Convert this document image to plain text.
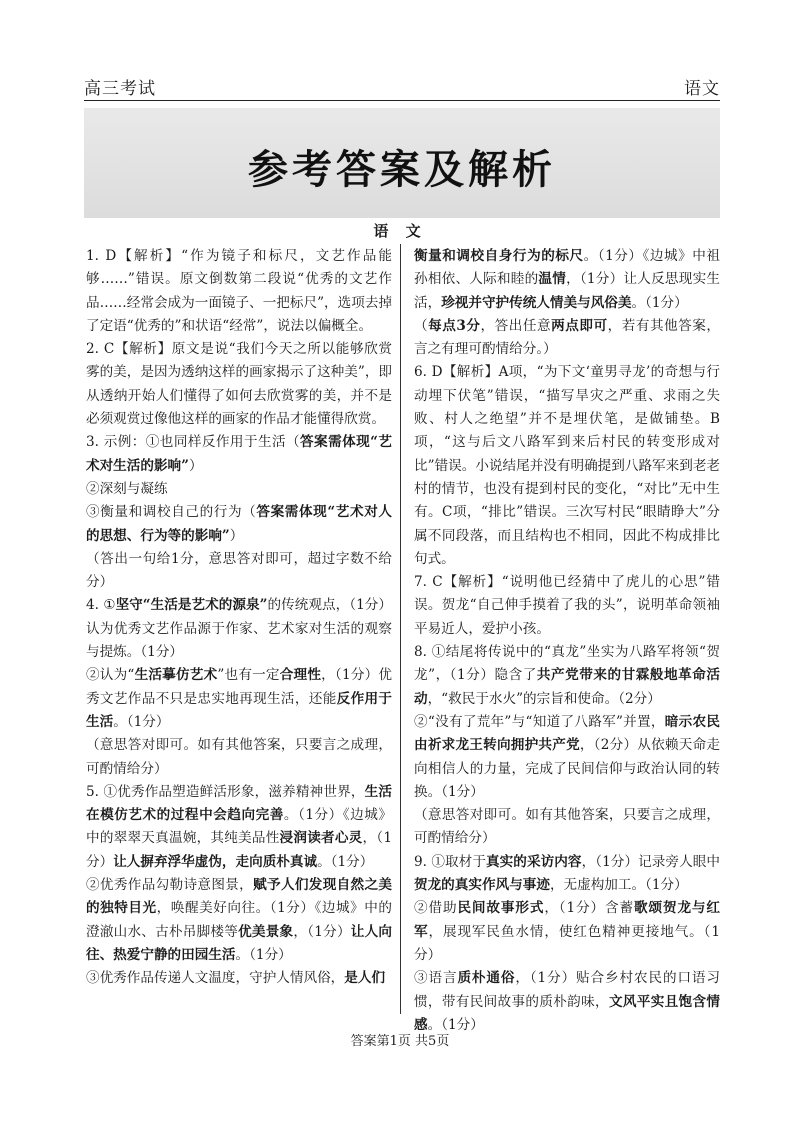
高三考试	语文
参考答案及解析
语 文

1. D【解析】“作为镜子和标尺，文艺作品能够……”错误。原文倒数第二段说“优秀的文艺作品……经常会成为一面镜子、一把标尺”，选项去掉了定语“优秀的”和状语“经常”，说法以偏概全。

2. C【解析】原文是说“我们今天之所以能够欣赏雾的美，是因为透纳这样的画家揭示了这种美”，即从透纳开始人们懂得了如何去欣赏雾的美，并不是必须观赏过像他这样的画家的作品才能懂得欣赏。

3. 示例：①也同样反作用于生活（答案需体现“艺术对生活的影响”）

②深刻与凝练

③衡量和调校自己的行为（答案需体现“艺术对人的思想、行为等的影响”）

（答出一句给1分，意思答对即可，超过字数不给分）

4. ①坚守“生活是艺术的源泉”的传统观点，（1分）认为优秀文艺作品源于作家、艺术家对生活的观察与提炼。（1分）

②认为“生活摹仿艺术”也有一定合理性，（1分）优秀文艺作品不只是忠实地再现生活，还能反作用于生活。（1分）

（意思答对即可。如有其他答案，只要言之成理，可酌情给分）

5. ①优秀作品塑造鲜活形象，滋养精神世界，生活在模仿艺术的过程中会趋向完善。（1分）《边城》中的翠翠天真温婉，其纯美品性浸润读者心灵，（1分）让人摒弃浮华虚伪，走向质朴真诚。（1分）

②优秀作品勾勒诗意图景，赋予人们发现自然之美的独特目光，唤醒美好向往。（1分）《边城》中的澄澈山水、古朴吊脚楼等优美景象，（1分）让人向往、热爱宁静的田园生活。（1分）

③优秀作品传递人文温度，守护人情风俗，是人们

衡量和调校自身行为的标尺。（1分）《边城》中祖孙相依、人际和睦的温情，（1分）让人反思现实生活，珍视并守护传统人情美与风俗美。（1分）

（每点3分，答出任意两点即可，若有其他答案，言之有理可酌情给分。）

6. D【解析】A项，“为下文‘童男寻龙’的奇想与行动埋下伏笔”错误，“描写旱灾之严重、求雨之失败、村人之绝望”并不是埋伏笔，是做铺垫。B项，“这与后文八路军到来后村民的转变形成对比”错误。小说结尾并没有明确提到八路军来到老老村的情节，也没有提到村民的变化，“对比”无中生有。C项，“排比”错误。三次写村民“眼睛睁大”分属不同段落，而且结构也不相同，因此不构成排比句式。

7. C【解析】“说明他已经猜中了虎儿的心思”错误。贺龙“自己伸手摸着了我的头”，说明革命领袖平易近人，爱护小孩。

8. ①结尾将传说中的“真龙”坐实为八路军将领“贺龙”，（1分）隐含了共产党带来的甘霖般地革命活动，“救民于水火”的宗旨和使命。（2分）

②“没有了荒年”与“知道了八路军”并置，暗示农民由祈求龙王转向拥护共产党，（2分）从依赖天命走向相信人的力量，完成了民间信仰与政治认同的转换。（1分）

（意思答对即可。如有其他答案，只要言之成理，可酌情给分）

9. ①取材于真实的采访内容，（1分）记录旁人眼中贺龙的真实作风与事迹，无虚构加工。（1分）

②借助民间故事形式，（1分）含蓄歌颂贺龙与红军，展现军民鱼水情，使红色精神更接地气。（1分）

③语言质朴通俗，（1分）贴合乡村农民的口语习惯，带有民间故事的质朴韵味，文风平实且饱含情感。（1分）

答案第1页 共5页
